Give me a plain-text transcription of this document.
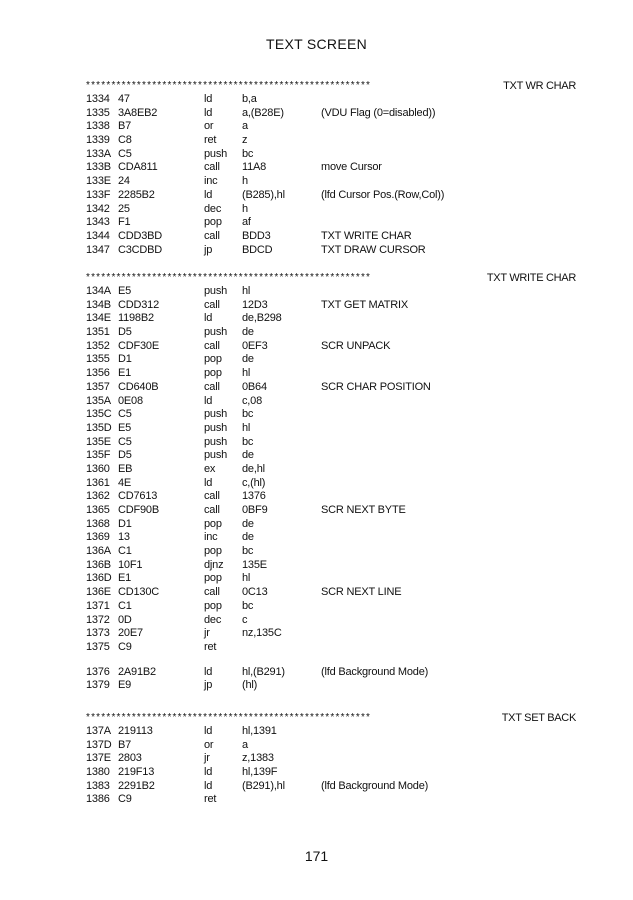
TEXT SCREEN
********************************************************	TXT WR CHAR
1334 47	ld	b,a
1335 3A8EB2	ld	a,(B28E)	(VDU Flag (0=disabled))
1338 B7	or	a
1339 C8	ret z
133A C5	push bc
133B CDA811	call 11A8	move Cursor
133E 24	inc h
133F 2285B2	ld	(B285),hl	(lfd Cursor Pos.(Row,Col))
1342 25	dec h
1343 F1	pop af
1344 CDD3BD	call BDD3	TXT WRITE CHAR
1347 C3CDBD	jp	BDCD	TXT DRAW CURSOR
********************************************************	TXT WRITE CHAR
134A E5	push hl
134B CDD312	call 12D3	TXT GET MATRIX
134E 1198B2	ld	de,B298
1351 D5	push de
1352 CDF30E	call 0EF3	SCR UNPACK
1355 D1	pop de
1356 E1	pop hl
1357 CD640B	call 0B64	SCR CHAR POSITION
135A 0E08	ld	c,08
135C C5	push bc
135D E5	push hl
135E C5	push bc
135F D5	push de
1360 EB	ex de,hl
1361 4E	ld	c,(hl)
1362 CD7613	call 1376
1365 CDF90B	call 0BF9	SCR NEXT BYTE
1368 D1	pop de
1369 13	inc de
136A C1	pop bc
136B 10F1	djnz 135E
136D E1	pop hl
136E CD130C	call 0C13	SCR NEXT LINE
1371 C1	pop bc
1372 0D	dec c
1373 20E7	jr	nz,135C
1375 C9	ret
1376 2A91B2	ld	hl,(B291)	(lfd Background Mode)
1379 E9	jp	(hl)
********************************************************	TXT SET BACK
137A 219113	ld	hl,1391
137D B7	or	a
137E 2803	jr	z,1383
1380 219F13	ld	hl,139F
1383 2291B2	ld	(B291),hl	(lfd Background Mode)
1386 C9	ret
171
